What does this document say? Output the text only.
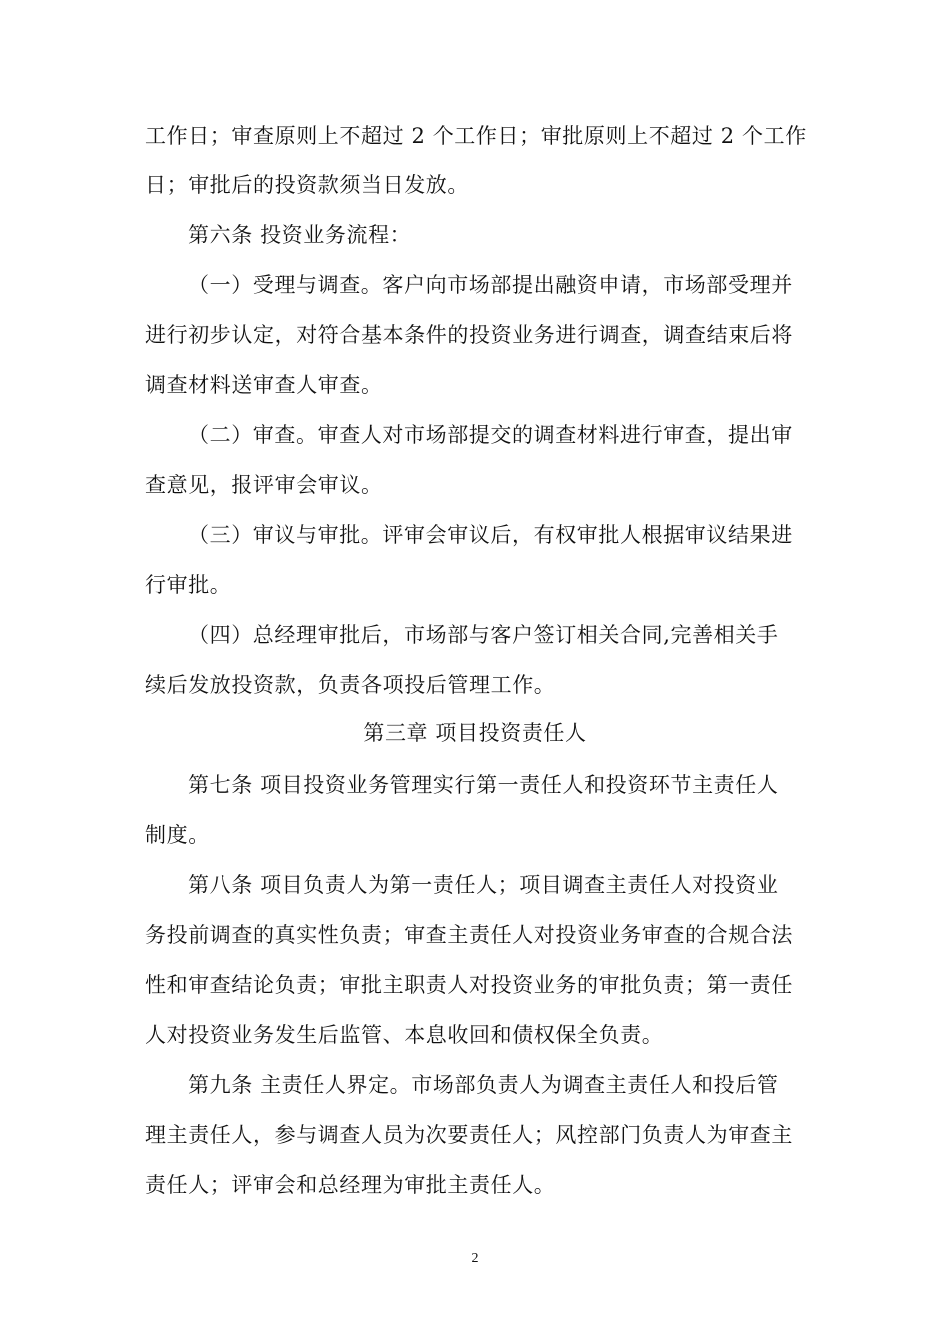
工作日；审查原则上不超过 2 个工作日；审批原则上不超过 2 个工作
日；审批后的投资款须当日发放。
第六条 投资业务流程：
（一）受理与调查。客户向市场部提出融资申请，市场部受理并
进行初步认定，对符合基本条件的投资业务进行调查，调查结束后将
调查材料送审查人审查。
（二）审查。审查人对市场部提交的调查材料进行审查，提出审
查意见，报评审会审议。
（三）审议与审批。评审会审议后，有权审批人根据审议结果进
行审批。
（四）总经理审批后，市场部与客户签订相关合同,完善相关手
续后发放投资款，负责各项投后管理工作。
第三章 项目投资责任人
第七条 项目投资业务管理实行第一责任人和投资环节主责任人
制度。
第八条 项目负责人为第一责任人；项目调查主责任人对投资业
务投前调查的真实性负责；审查主责任人对投资业务审查的合规合法
性和审查结论负责；审批主职责人对投资业务的审批负责；第一责任
人对投资业务发生后监管、本息收回和债权保全负责。
第九条 主责任人界定。市场部负责人为调查主责任人和投后管
理主责任人，参与调查人员为次要责任人；风控部门负责人为审查主
责任人；评审会和总经理为审批主责任人。
2
